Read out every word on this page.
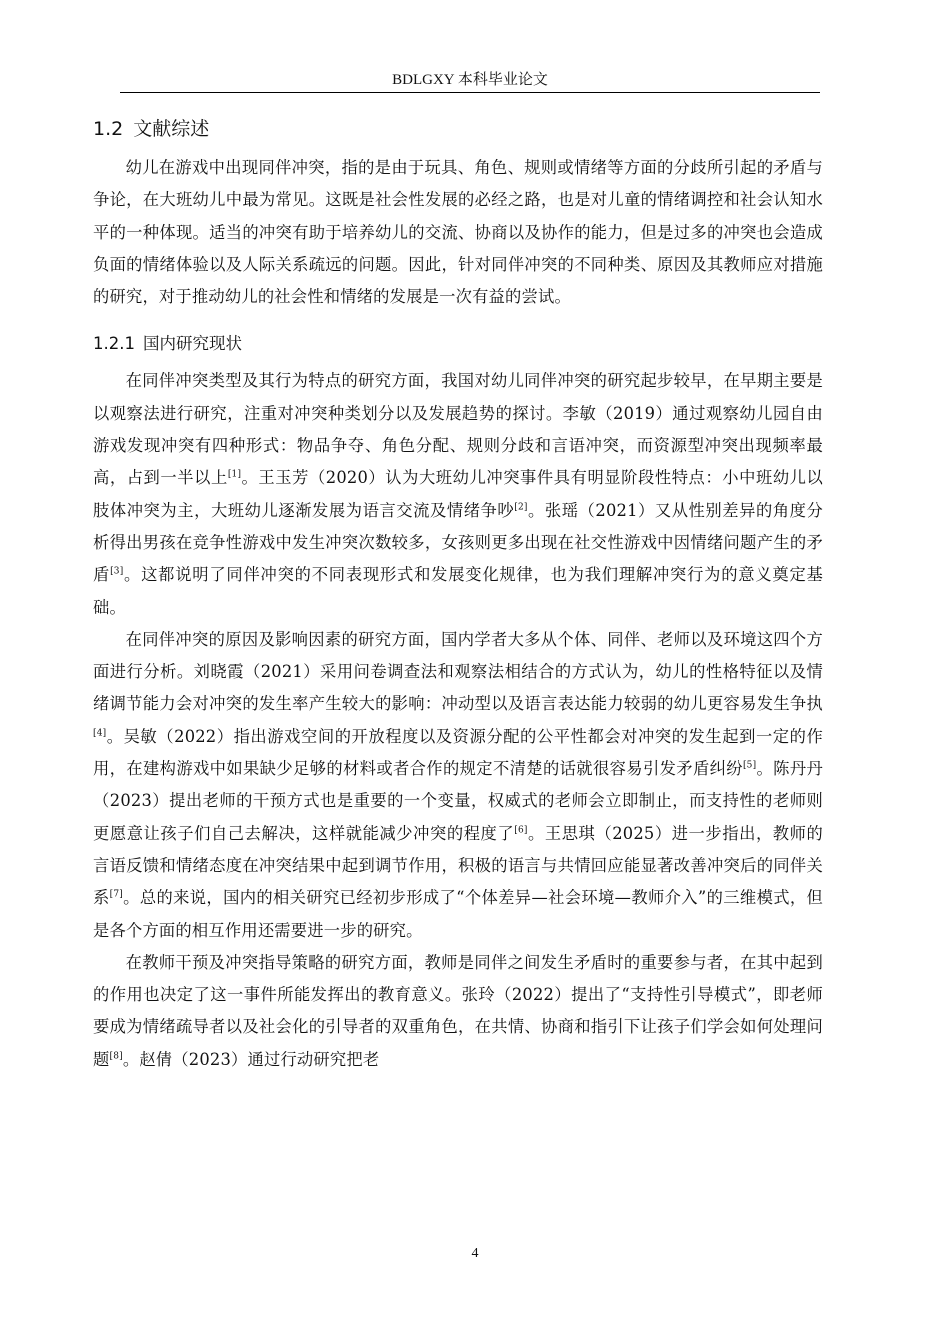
BDLGXY 本科毕业论文
1.2 文献综述

幼儿在游戏中出现同伴冲突，指的是由于玩具、角色、规则或情绪等方面的分歧所引起的矛盾与争论，在大班幼儿中最为常见。这既是社会性发展的必经之路，也是对儿童的情绪调控和社会认知水平的一种体现。适当的冲突有助于培养幼儿的交流、协商以及协作的能力，但是过多的冲突也会造成负面的情绪体验以及人际关系疏远的问题。因此，针对同伴冲突的不同种类、原因及其教师应对措施的研究，对于推动幼儿的社会性和情绪的发展是一次有益的尝试。

1.2.1 国内研究现状

在同伴冲突类型及其行为特点的研究方面，我国对幼儿同伴冲突的研究起步较早，在早期主要是以观察法进行研究，注重对冲突种类划分以及发展趋势的探讨。李敏（2019）通过观察幼儿园自由游戏发现冲突有四种形式：物品争夺、角色分配、规则分歧和言语冲突，而资源型冲突出现频率最高，占到一半以上[1]。王玉芳（2020）认为大班幼儿冲突事件具有明显阶段性特点：小中班幼儿以肢体冲突为主，大班幼儿逐渐发展为语言交流及情绪争吵[2]。张瑶（2021）又从性别差异的角度分析得出男孩在竞争性游戏中发生冲突次数较多，女孩则更多出现在社交性游戏中因情绪问题产生的矛盾[3]。这都说明了同伴冲突的不同表现形式和发展变化规律，也为我们理解冲突行为的意义奠定基础。

在同伴冲突的原因及影响因素的研究方面，国内学者大多从个体、同伴、老师以及环境这四个方面进行分析。刘晓霞（2021）采用问卷调查法和观察法相结合的方式认为，幼儿的性格特征以及情绪调节能力会对冲突的发生率产生较大的影响：冲动型以及语言表达能力较弱的幼儿更容易发生争执[4]。吴敏（2022）指出游戏空间的开放程度以及资源分配的公平性都会对冲突的发生起到一定的作用，在建构游戏中如果缺少足够的材料或者合作的规定不清楚的话就很容易引发矛盾纠纷[5]。陈丹丹（2023）提出老师的干预方式也是重要的一个变量，权威式的老师会立即制止，而支持性的老师则更愿意让孩子们自己去解决，这样就能减少冲突的程度了[6]。王思琪（2025）进一步指出，教师的言语反馈和情绪态度在冲突结果中起到调节作用，积极的语言与共情回应能显著改善冲突后的同伴关系[7]。总的来说，国内的相关研究已经初步形成了“个体差异—社会环境—教师介入”的三维模式，但是各个方面的相互作用还需要进一步的研究。

在教师干预及冲突指导策略的研究方面，教师是同伴之间发生矛盾时的重要参与者，在其中起到的作用也决定了这一事件所能发挥出的教育意义。张玲（2022）提出了“支持性引导模式”，即老师要成为情绪疏导者以及社会化的引导者的双重角色，在共情、协商和指引下让孩子们学会如何处理问题[8]。赵倩（2023）通过行动研究把老

4
